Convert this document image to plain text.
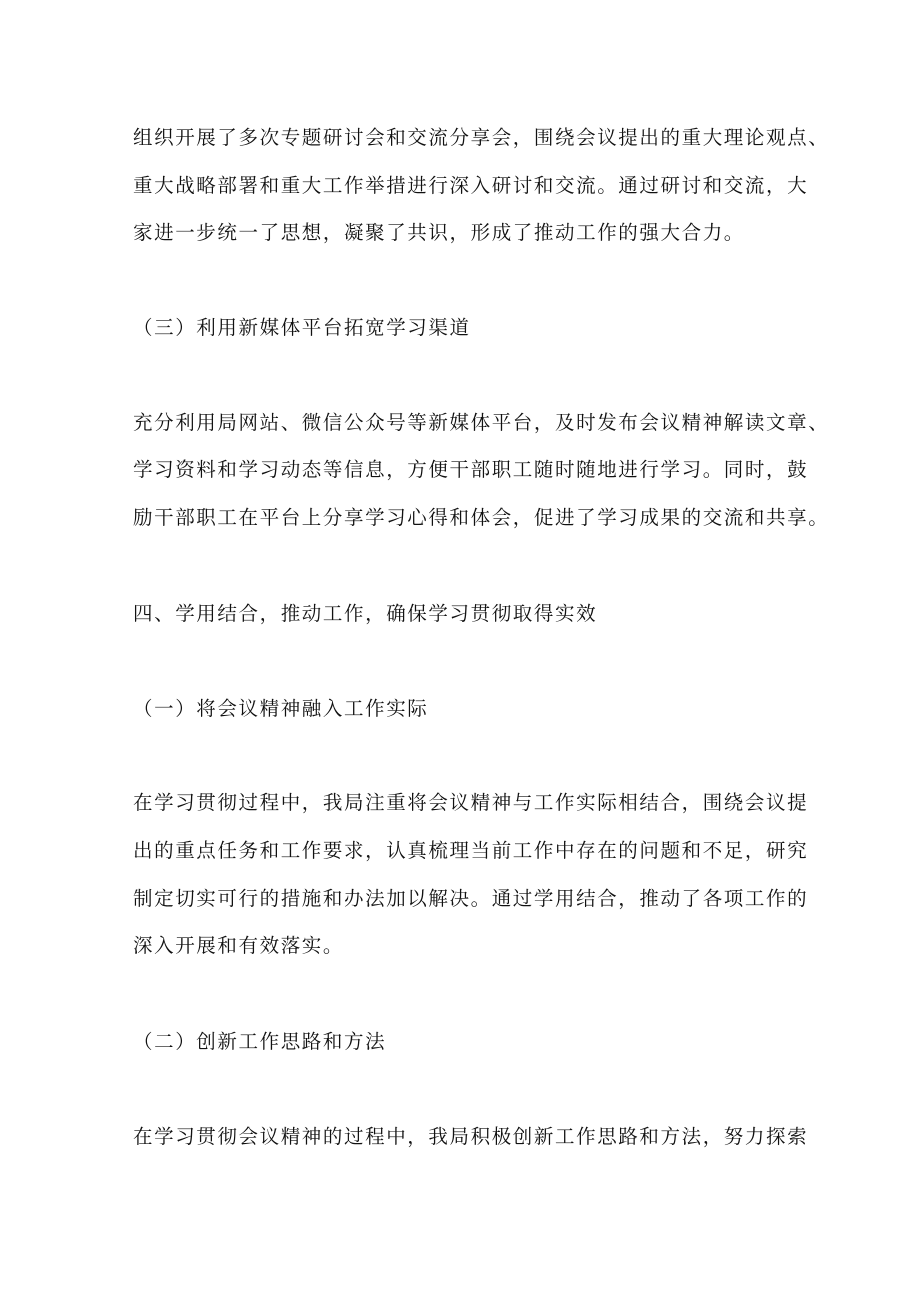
组织开展了多次专题研讨会和交流分享会，围绕会议提出的重大理论观点、
重大战略部署和重大工作举措进行深入研讨和交流。通过研讨和交流，大
家进一步统一了思想，凝聚了共识，形成了推动工作的强大合力。
（三）利用新媒体平台拓宽学习渠道
充分利用局网站、微信公众号等新媒体平台，及时发布会议精神解读文章、
学习资料和学习动态等信息，方便干部职工随时随地进行学习。同时，鼓
励干部职工在平台上分享学习心得和体会，促进了学习成果的交流和共享。
四、学用结合，推动工作，确保学习贯彻取得实效
（一）将会议精神融入工作实际
在学习贯彻过程中，我局注重将会议精神与工作实际相结合，围绕会议提
出的重点任务和工作要求，认真梳理当前工作中存在的问题和不足，研究
制定切实可行的措施和办法加以解决。通过学用结合，推动了各项工作的
深入开展和有效落实。
（二）创新工作思路和方法
在学习贯彻会议精神的过程中，我局积极创新工作思路和方法，努力探索
